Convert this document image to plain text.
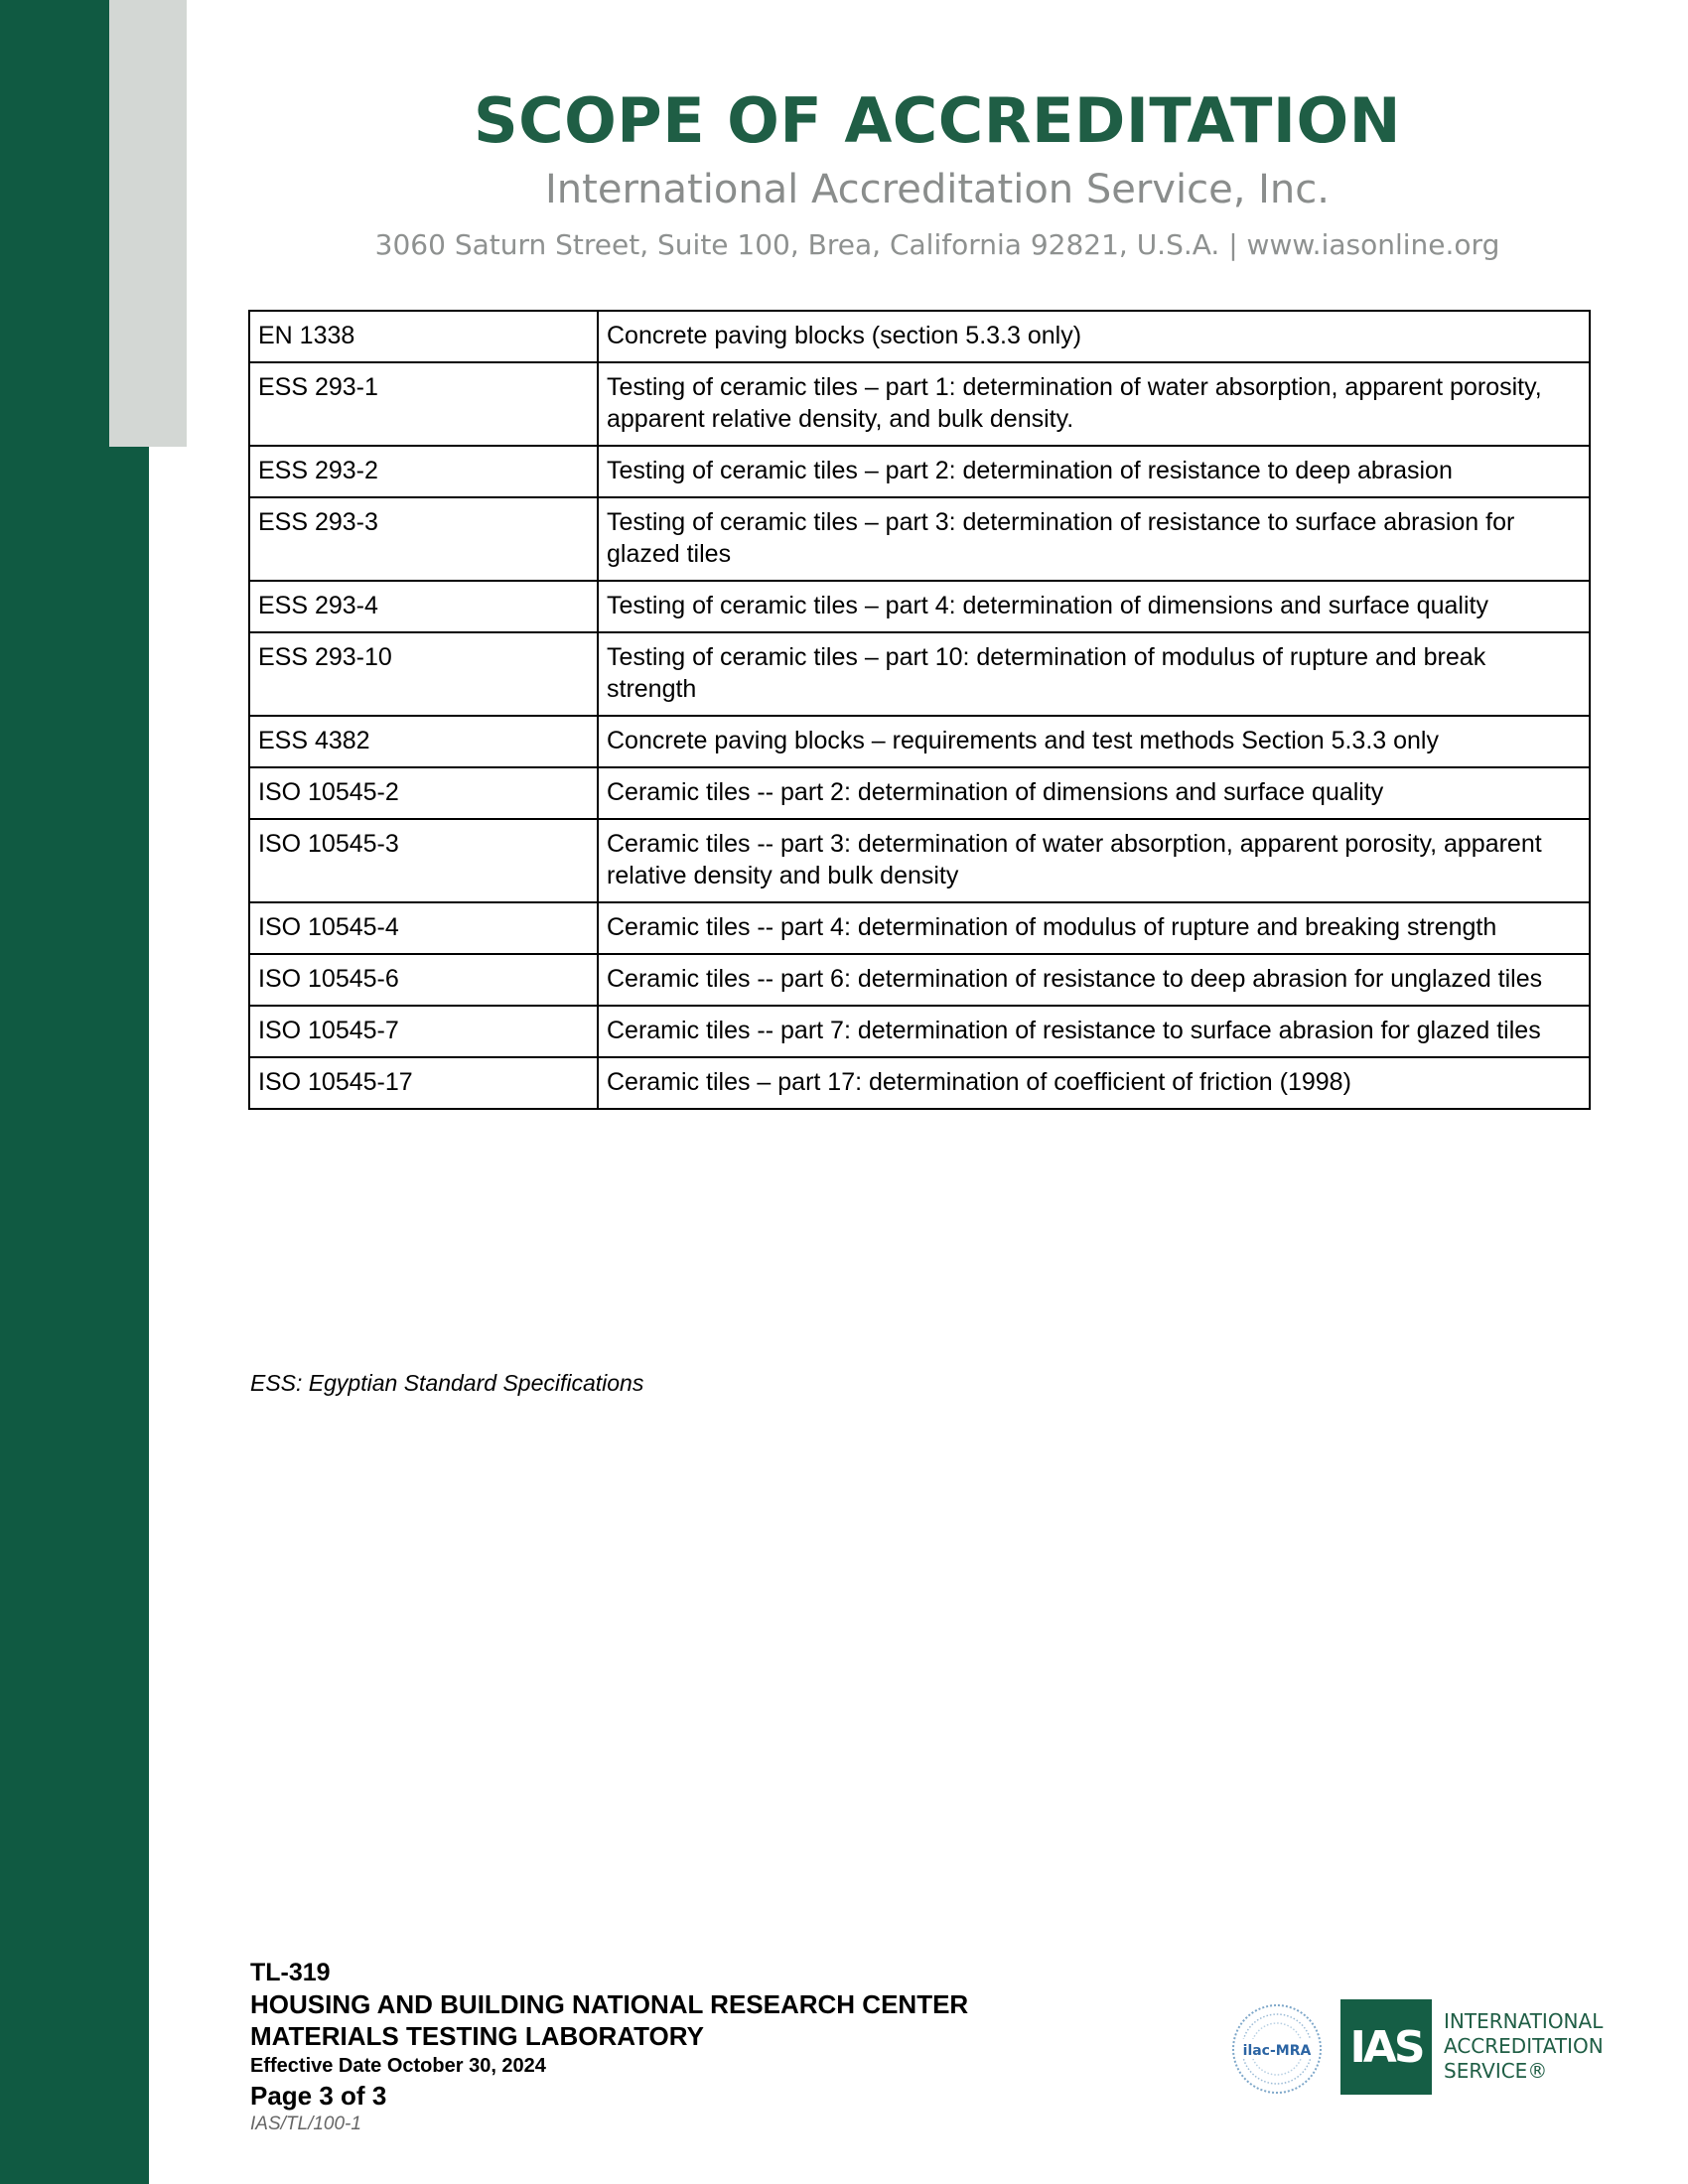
SCOPE OF ACCREDITATION
International Accreditation Service, Inc.
3060 Saturn Street, Suite 100, Brea, California 92821, U.S.A. | www.iasonline.org
EN 1338	Concrete paving blocks (section 5.3.3 only)
ESS 293-1	Testing of ceramic tiles – part 1: determination of water absorption, apparent porosity, apparent relative density, and bulk density.
ESS 293-2	Testing of ceramic tiles – part 2: determination of resistance to deep abrasion
ESS 293-3	Testing of ceramic tiles – part 3: determination of resistance to surface abrasion for glazed tiles
ESS 293-4	Testing of ceramic tiles – part 4: determination of dimensions and surface quality
ESS 293-10	Testing of ceramic tiles – part 10: determination of modulus of rupture and break strength
ESS 4382	Concrete paving blocks – requirements and test methods Section 5.3.3 only
ISO 10545-2	Ceramic tiles -- part 2: determination of dimensions and surface quality
ISO 10545-3	Ceramic tiles -- part 3: determination of water absorption, apparent porosity, apparent relative density and bulk density
ISO 10545-4	Ceramic tiles -- part 4: determination of modulus of rupture and breaking strength
ISO 10545-6	Ceramic tiles -- part 6: determination of resistance to deep abrasion for unglazed tiles
ISO 10545-7	Ceramic tiles -- part 7: determination of resistance to surface abrasion for glazed tiles
ISO 10545-17	Ceramic tiles – part 17: determination of coefficient of friction (1998)
ESS: Egyptian Standard Specifications
TL-319
HOUSING AND BUILDING NATIONAL RESEARCH CENTER
MATERIALS TESTING LABORATORY
Effective Date October 30, 2024
Page 3 of 3
IAS/TL/100-1
ilac-MRA IAS
INTERNATIONAL
ACCREDITATION
SERVICE®
